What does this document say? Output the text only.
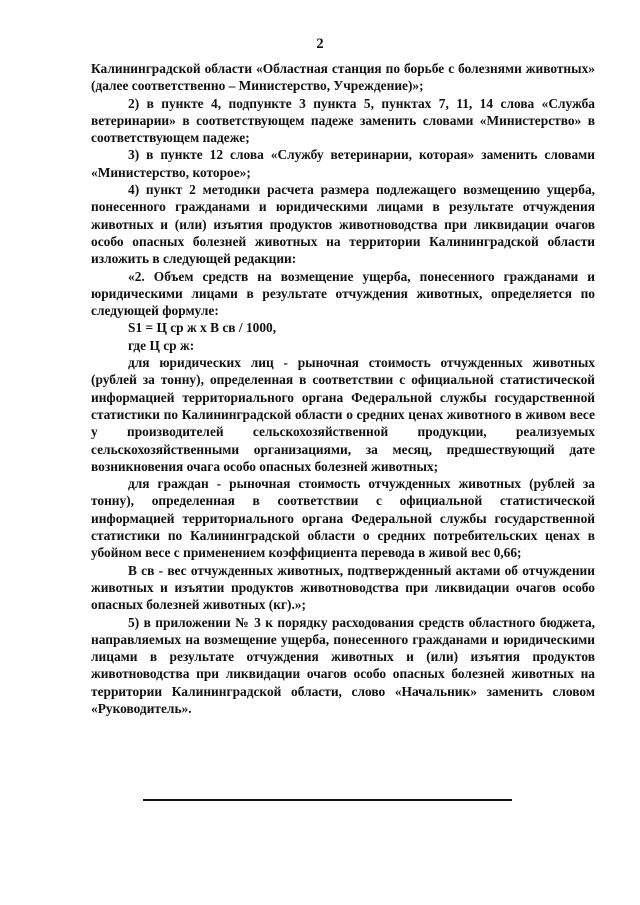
2

Калининградской области «Областная станция по борьбе с болезнями животных» (далее соответственно – Министерство, Учреждение)»;

2) в пункте 4, подпункте 3 пункта 5, пунктах 7, 11, 14 слова «Служба ветеринарии» в соответствующем падеже заменить словами «Министерство» в соответствующем падеже;

3) в пункте 12 слова «Службу ветеринарии, которая» заменить словами «Министерство, которое»;

4) пункт 2 методики расчета размера подлежащего возмещению ущерба, понесенного гражданами и юридическими лицами в результате отчуждения животных и (или) изъятия продуктов животноводства при ликвидации очагов особо опасных болезней животных на территории Калининградской области изложить в следующей редакции:

«2. Объем средств на возмещение ущерба, понесенного гражданами и юридическими лицами в результате отчуждения животных, определяется по следующей формуле:

S1 = Ц ср ж х В св / 1000,

где Ц ср ж:

для юридических лиц - рыночная стоимость отчужденных животных (рублей за тонну), определенная в соответствии с официальной статистической информацией территориального органа Федеральной службы государственной статистики по Калининградской области о средних ценах животного в живом весе у производителей сельскохозяйственной продукции, реализуемых сельскохозяйственными организациями, за месяц, предшествующий дате возникновения очага особо опасных болезней животных;

для граждан - рыночная стоимость отчужденных животных (рублей за тонну), определенная в соответствии с официальной статистической информацией территориального органа Федеральной службы государственной статистики по Калининградской области о средних потребительских ценах в убойном весе с применением коэффициента перевода в живой вес 0,66;

В св - вес отчужденных животных, подтвержденный актами об отчуждении животных и изъятии продуктов животноводства при ликвидации очагов особо опасных болезней животных (кг).»;

5) в приложении № 3 к порядку расходования средств областного бюджета, направляемых на возмещение ущерба, понесенного гражданами и юридическими лицами в результате отчуждения животных и (или) изъятия продуктов животноводства при ликвидации очагов особо опасных болезней животных на территории Калининградской области, слово «Начальник» заменить словом «Руководитель».
